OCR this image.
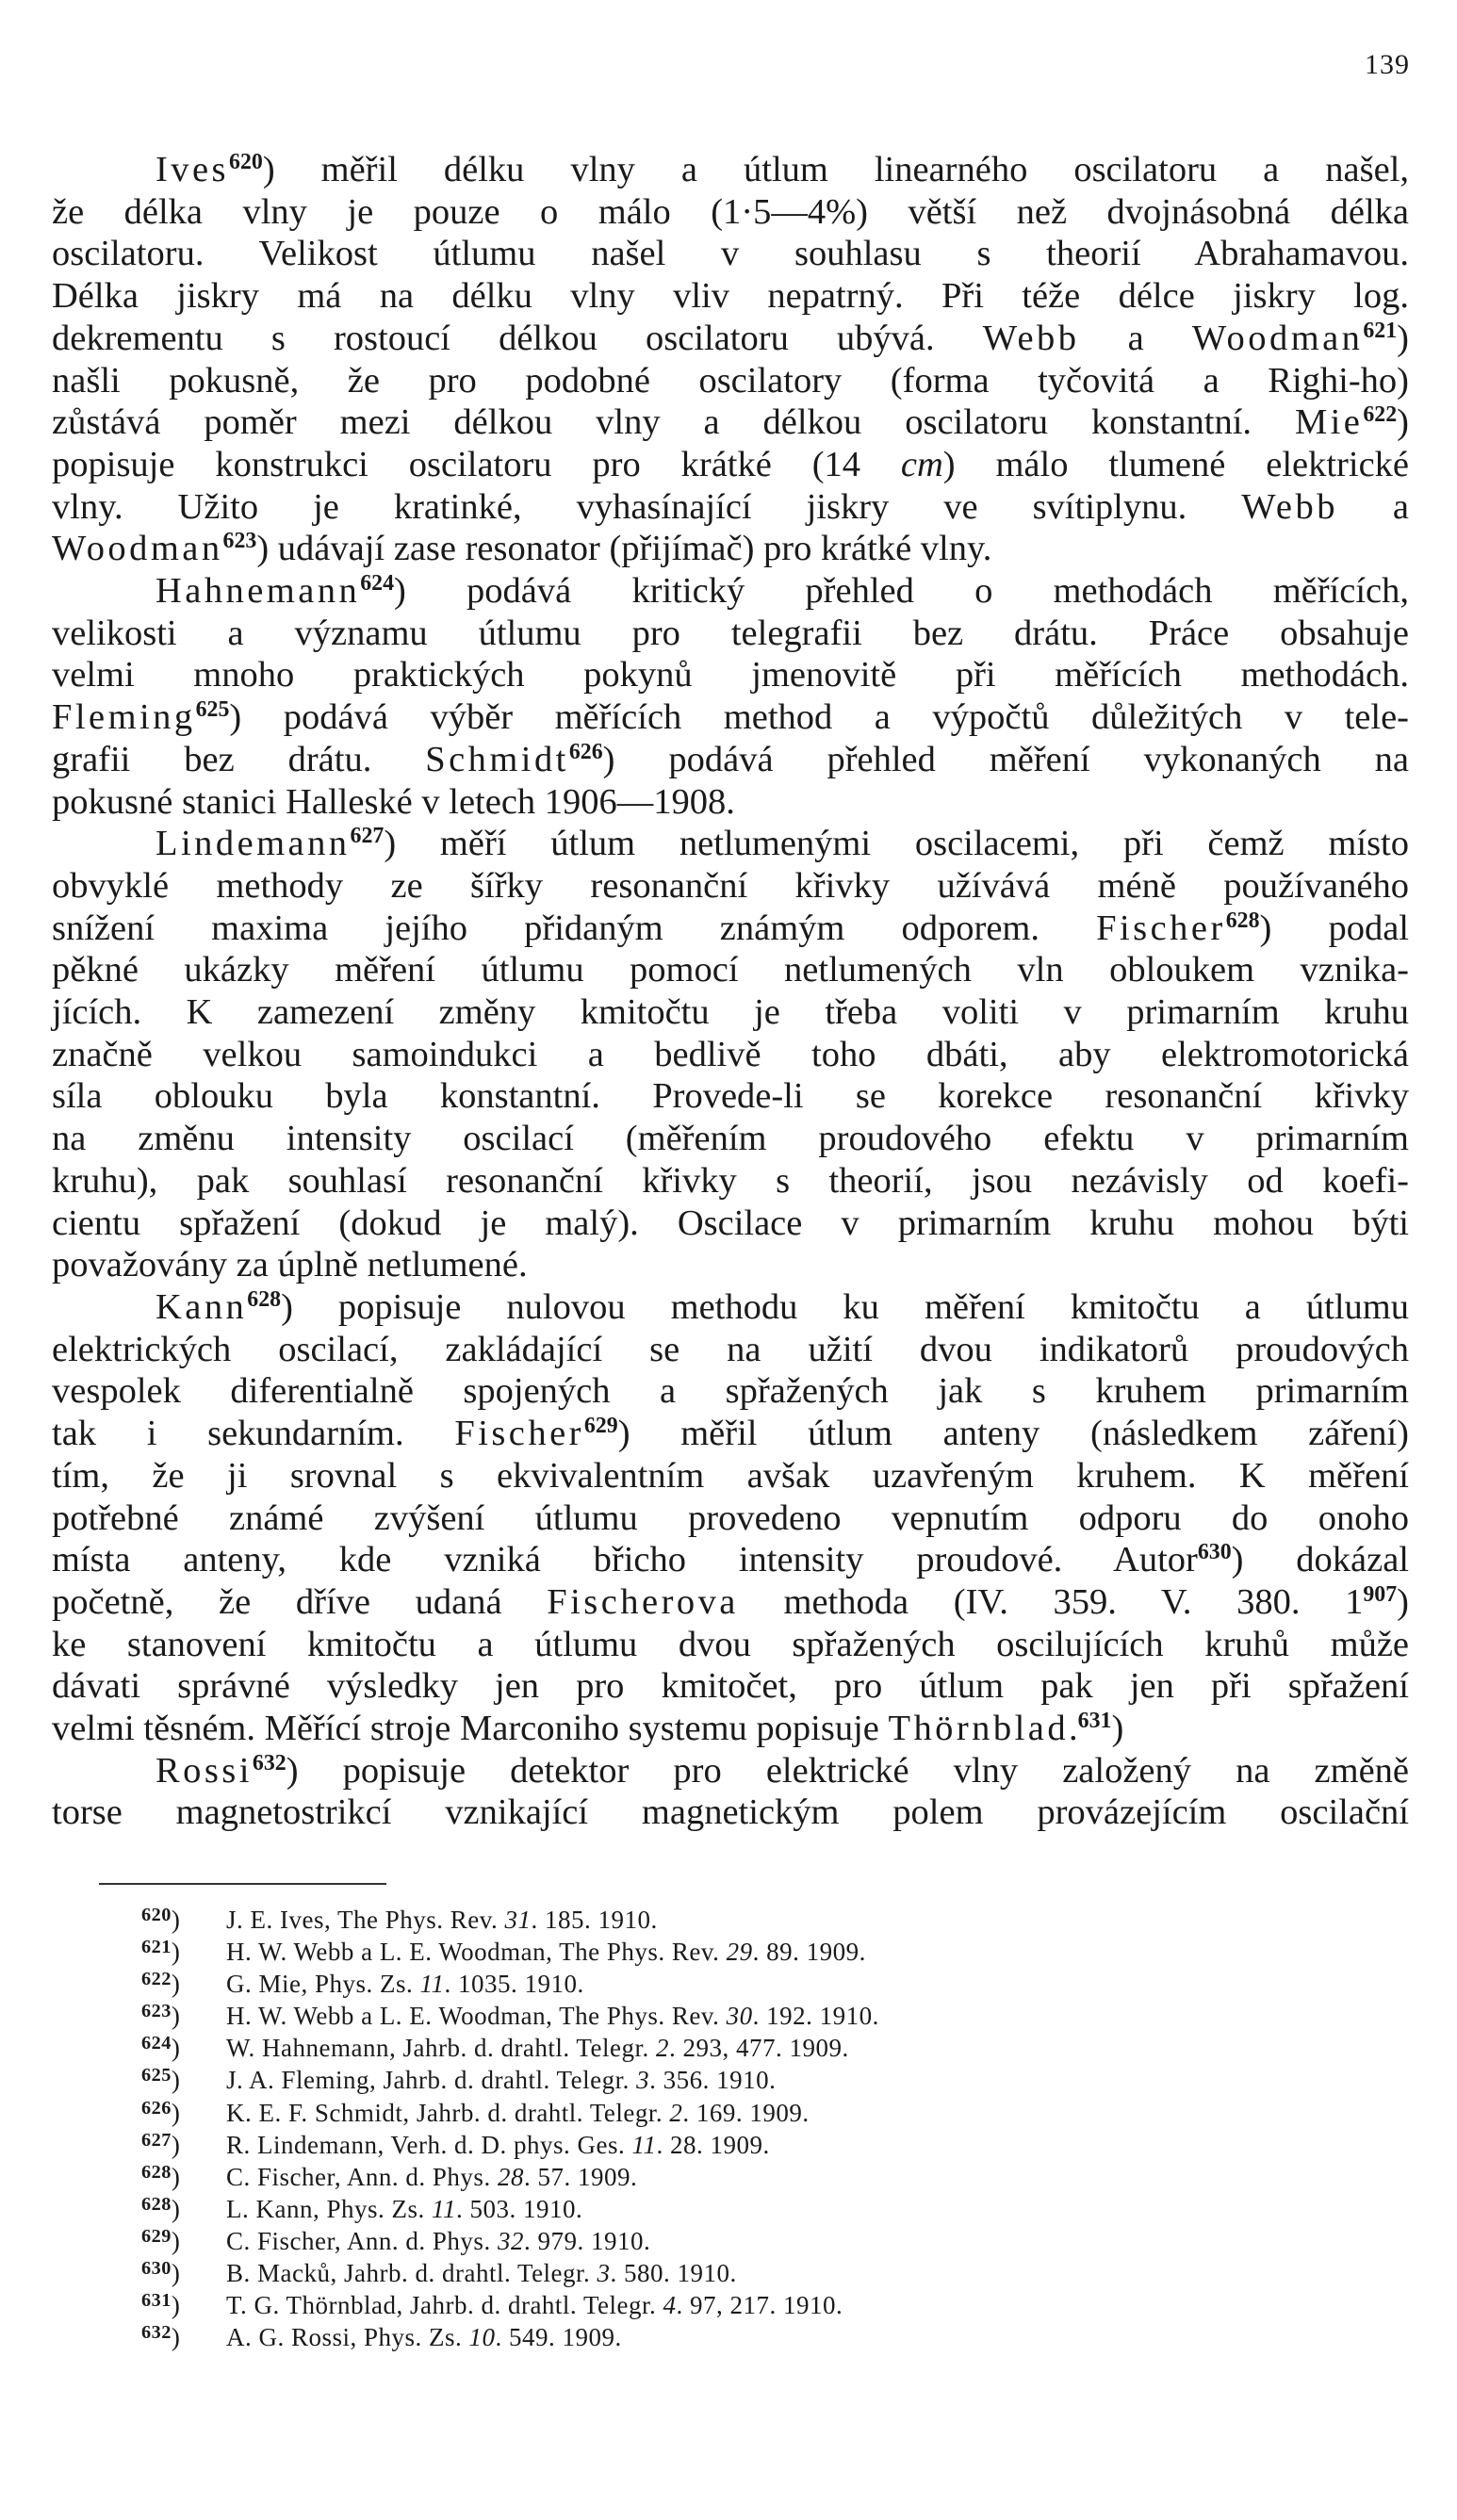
139
Ives$^{620}$) měřil délku vlny a útlum linearného oscilatoru a našel,
že délka vlny je pouze o málo (1·5—4%) větší než dvojnásobná délka
oscilatoru. Velikost útlumu našel v souhlasu s theorií Abrahamavou.
Délka jiskry má na délku vlny vliv nepatrný. Při téže délce jiskry log.
dekrementu s rostoucí délkou oscilatoru ubývá. Webb a Woodman$^{621}$)
našli pokusně, že pro podobné oscilatory (forma tyčovitá a Righi-ho)
zůstává poměr mezi délkou vlny a délkou oscilatoru konstantní. Mie$^{622}$)
popisuje konstrukci oscilatoru pro krátké (14 cm) málo tlumené elektrické
vlny. Užito je kratinké, vyhasínající jiskry ve svítiplynu. Webb a
Woodman$^{623}$) udávají zase resonator (přijímač) pro krátké vlny.
Hahnemann$^{624}$) podává kritický přehled o methodách měřících,
velikosti a významu útlumu pro telegrafii bez drátu. Práce obsahuje
velmi mnoho praktických pokynů jmenovitě při měřících methodách.
Fleming$^{625}$) podává výběr měřících method a výpočtů důležitých v tele-
grafii bez drátu. Schmidt$^{626}$) podává přehled měření vykonaných na
pokusné stanici Halleské v letech 1906—1908.
Lindemann$^{627}$) měří útlum netlumenými oscilacemi, při čemž místo
obvyklé methody ze šířky resonanční křivky užívává méně používaného
snížení maxima jejího přidaným známým odporem. Fischer$^{628}$) podal
pěkné ukázky měření útlumu pomocí netlumených vln obloukem vznika-
jících. K zamezení změny kmitočtu je třeba voliti v primarním kruhu
značně velkou samoindukci a bedlivě toho dbáti, aby elektromotorická
síla oblouku byla konstantní. Provede-li se korekce resonanční křivky
na změnu intensity oscilací (měřením proudového efektu v primarním
kruhu), pak souhlasí resonanční křivky s theorií, jsou nezávisly od koefi-
cientu spřažení (dokud je malý). Oscilace v primarním kruhu mohou býti
považovány za úplně netlumené.
Kann$^{628}$) popisuje nulovou methodu ku měření kmitočtu a útlumu
elektrických oscilací, zakládající se na užití dvou indikatorů proudových
vespolek diferentialně spojených a spřažených jak s kruhem primarním
tak i sekundarním. Fischer$^{629}$) měřil útlum anteny (následkem záření)
tím, že ji srovnal s ekvivalentním avšak uzavřeným kruhem. K měření
potřebné známé zvýšení útlumu provedeno vepnutím odporu do onoho
místa anteny, kde vzniká břicho intensity proudové. Autor$^{630}$) dokázal
početně, že dříve udaná Fischerova methoda (IV. 359. V. 380. $1^{907}$)
ke stanovení kmitočtu a útlumu dvou spřažených oscilujících kruhů může
dávati správné výsledky jen pro kmitočet, pro útlum pak jen při spřažení
velmi těsném. Měřící stroje Marconiho systemu popisuje Thörnblad.$^{631}$)
Rossi$^{632}$) popisuje detektor pro elektrické vlny založený na změně
torse magnetostrikcí vznikající magnetickým polem provázejícím oscilační
$^{620}$) J. E. Ives, The Phys. Rev. 31. 185. 1910.
$^{621}$) H. W. Webb a L. E. Woodman, The Phys. Rev. 29. 89. 1909.
$^{622}$) G. Mie, Phys. Zs. 11. 1035. 1910.
$^{623}$) H. W. Webb a L. E. Woodman, The Phys. Rev. 30. 192. 1910.
$^{624}$) W. Hahnemann, Jahrb. d. drahtl. Telegr. 2. 293, 477. 1909.
$^{625}$) J. A. Fleming, Jahrb. d. drahtl. Telegr. 3. 356. 1910.
$^{626}$) K. E. F. Schmidt, Jahrb. d. drahtl. Telegr. 2. 169. 1909.
$^{627}$) R. Lindemann, Verh. d. D. phys. Ges. 11. 28. 1909.
$^{628}$) C. Fischer, Ann. d. Phys. 28. 57. 1909.
$^{628}$) L. Kann, Phys. Zs. 11. 503. 1910.
$^{629}$) C. Fischer, Ann. d. Phys. 32. 979. 1910.
$^{630}$) B. Macků, Jahrb. d. drahtl. Telegr. 3. 580. 1910.
$^{631}$) T. G. Thörnblad, Jahrb. d. drahtl. Telegr. 4. 97, 217. 1910.
$^{632}$) A. G. Rossi, Phys. Zs. 10. 549. 1909.
